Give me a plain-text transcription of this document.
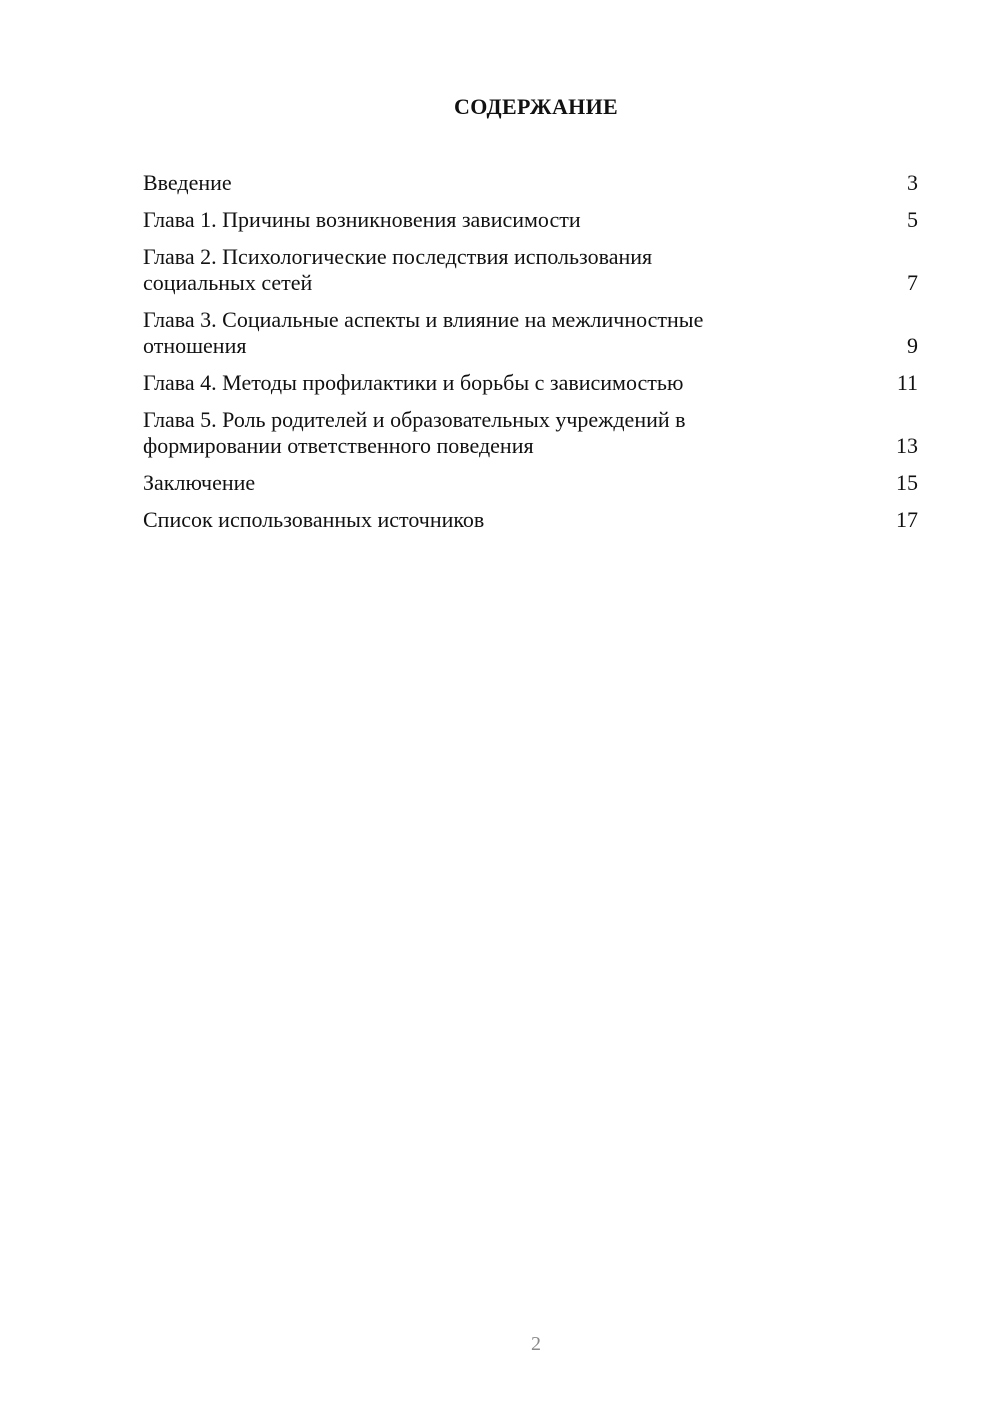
СОДЕРЖАНИЕ
Введение	3
Глава 1. Причины возникновения зависимости	5
Глава 2. Психологические последствия использования социальных сетей	7
Глава 3. Социальные аспекты и влияние на межличностные отношения	9
Глава 4. Методы профилактики и борьбы с зависимостью	11
Глава 5. Роль родителей и образовательных учреждений в формировании ответственного поведения	13
Заключение	15
Список использованных источников	17
2
